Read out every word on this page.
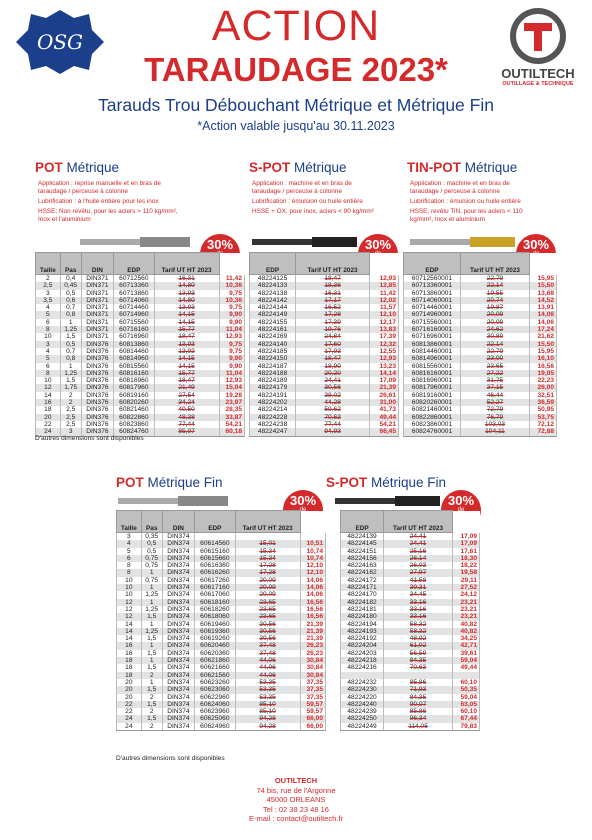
OSG	ACTION
TARAUDAGE 2023*	OUTILTECH
OUTILLAGE & TECHNIQUE
Tarauds Trou Débouchant Métrique et Métrique Fin
*Action valable jusqu'au 30.11.2023
POT Métrique
Application : reprise manuelle et en bras de taraudage / perceuse à colonne
Lubrification : à l'huile entière pour les inox
HSSE; Non revêtu, pour les aciers > 110 kg/mm², Inox et l'aluminium
30%
Taille	Pas	DIN	EDP	Tarif UT HT 2023	
2	0,4	DIN371	60712560	16,31	11,42
2,5	0,45	DIN371	60713360	14,80	10,36
3	0,5	DIN371	60713860	13,93	9,75
3,5	0,6	DIN371	60714060	14,80	10,36
4	0,7	DIN371	60714460	13,93	9,75
5	0,8	DIN371	60714960	14,15	9,90
6	1	DIN371	60715560	14,15	9,90
8	1,25	DIN371	60716160	15,77	11,04
10	1,5	DIN371	60716960	18,47	12,93
3	0,5	DIN376	60813860	13,93	9,75
4	0,7	DIN376	60814460	13,93	9,75
5	0,8	DIN376	60814960	14,15	9,90
6	1	DIN376	60815560	14,15	9,90
8	1,25	DIN376	60816160	15,77	11,04
10	1,5	DIN376	60816960	18,47	12,93
12	1,75	DIN376	60817960	21,49	15,04
14	2	DIN376	60819160	27,54	19,28
16	2	DIN376	60820260	34,24	23,97
18	2,5	DIN376	60821460	40,50	28,35
20	2,5	DIN376	60822860	48,38	33,87
22	2,5	DIN376	60823860	77,44	54,21
24	3	DIN376	60824760	85,97	60,18
D'autres dimensions sont disponibles
S-POT Métrique
Application : machine et en bras de taraudage / perceuse à colonne
Lubrification : émulsion ou huile entière
HSSE + OX, pour inox, aciers < 90 kg/mm²
30%
EDP	Tarif UT HT 2023	
48224125	18,47	12,93
48224133	18,36	12,85
48224138	16,31	11,42
48224142	17,17	12,02
48224144	16,52	11,57
48224149	17,28	12,10
48224155	17,39	12,17
48224161	19,76	13,83
48224169	24,84	17,39
48224140	17,60	12,32
48224185	17,93	12,55
48224150	18,47	12,93
48224187	18,90	13,23
48224188	20,20	14,14
48224189	24,41	17,09
48224179	30,56	21,39
48224191	38,02	26,61
48224202	44,28	31,00
48224214	59,62	41,73
48224228	70,63	49,44
48224238	77,44	54,21
48224247	94,93	66,45
TIN-POT Métrique
Application : machine et en bras de taraudage / perceuse à colonne
Lubrification : émulsion ou huile entière
HSSE; revêtu TiN, pour les aciers < 110 kg/mm², Inox et aluminium
30%
EDP	Tarif UT HT 2023	
60712560001	22,79	15,95
60713360001	22,14	15,50
60713860001	19,55	13,68
60714060001	20,74	14,52
60714460001	19,87	13,91
60714960001	20,09	14,06
60715560001	20,09	14,06
60716160001	24,62	17,24
60716960001	30,89	21,62
60813860001	22,14	15,50
60814460001	22,79	15,95
60814960001	23,00	16,10
60815560001	23,65	16,56
60816160001	27,22	19,05
60816960001	31,75	22,23
60817960001	37,15	26,00
60819160001	46,44	32,51
60820260001	52,27	36,59
60821460001	72,79	50,95
60822860001	76,79	53,75
60823860001	103,03	72,12
60824760001	104,11	72,88
POT Métrique Fin
30%
Taille	Pas	DIN	EDP	Tarif UT HT 2023	
3	0,35	DIN374			
4	0,5	DIN374	60614560	15,01	10,51
5	0,5	DIN374	60615160	15,34	10,74
6	0,75	DIN374	60615660	15,34	10,74
8	0,75	DIN374	60616360	17,28	12,10
8	1	DIN374	60616260	17,28	12,10
10	0,75	DIN374	60617260	20,09	14,06
10	1	DIN374	60617160	20,09	14,06
10	1,25	DIN374	60617060	20,09	14,06
12	1	DIN374	60618160	23,65	16,56
12	1,25	DIN374	60618260	23,65	16,56
12	1,5	DIN374	60618060	23,65	16,56
14	1	DIN374	60619460	30,56	21,39
14	1,25	DIN374	60619360	30,56	21,39
14	1,5	DIN374	60619260	30,56	21,39
16	1	DIN374	60620460	37,48	26,23
16	1,5	DIN374	60620360	37,48	26,23
18	1	DIN374	60621860	44,06	30,84
18	1,5	DIN374	60621660	44,06	30,84
18	2	DIN374	60621560	44,06	30,84
20	1	DIN374	60623260	53,35	37,35
20	1,5	DIN374	60623060	53,35	37,35
20	2	DIN374	60622960	53,35	37,35
22	1,5	DIN374	60624060	85,10	59,57
22	2	DIN374	60623960	85,10	59,57
24	1,5	DIN374	60625060	94,28	66,00
24	2	DIN374	60624960	94,28	66,00
D'autres dimensions sont disponibles
S-POT Métrique Fin
30%
EDP	Tarif UT HT 2023	
48224139	24,41	17,09
48224145	24,41	17,09
48224151	25,16	17,61
48224156	26,14	18,30
48224163	26,03	18,22
48224162	27,97	19,58
48224172	41,58	29,11
48224171	39,31	27,52
48224170	34,45	24,12
48224182	33,16	23,21
48224181	33,16	23,21
48224180	33,16	23,21
48224194	58,32	40,82
48224193	58,32	40,82
48224192	48,92	34,25
48224204	61,02	42,71
48224203	56,59	39,61
48224218	84,35	59,04
48224216	70,63	49,44

48224232	85,86	60,10
48224230	71,93	50,35
48224220	84,35	59,04
48224240	90,07	63,05
48224239	85,86	60,10
48224250	96,34	67,44
48224249	114,05	79,83
OUTILTECH
74 bis, rue de l'Argonne
45000 ORLEANS
Tel : 02 38 23 48 16
E-mail : contact@outiltech.fr
